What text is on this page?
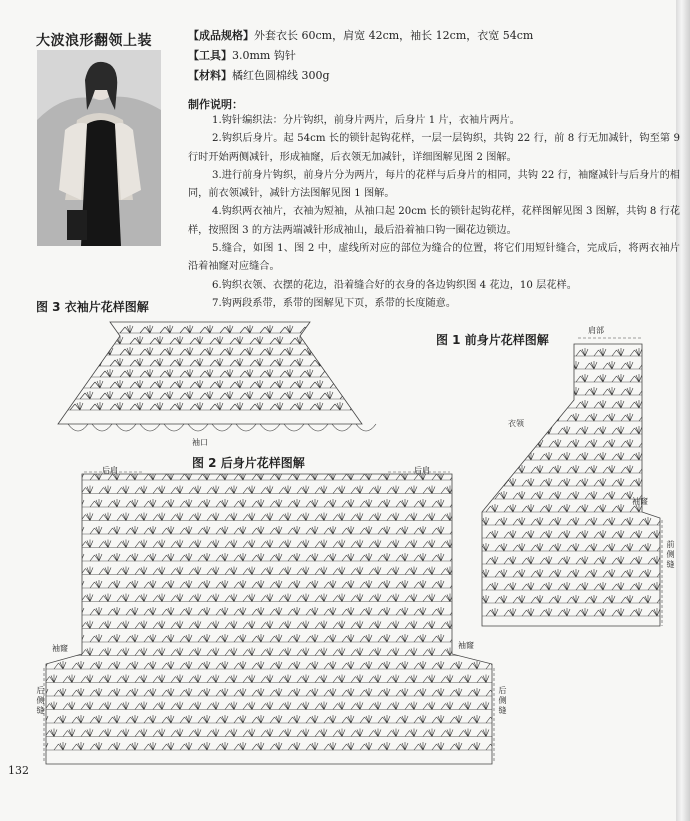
大波浪形翻领上装	【成品规格】外套衣长 60cm，肩宽 42cm，袖长 12cm，衣宽 54cm
【工具】3.0mm 钩针
【材料】橘红色圆棉线 300g
制作说明：
1.钩针编织法：分片钩织，前身片两片，后身片 1 片，衣袖片两片。
2.钩织后身片。起 54cm 长的锁针起钩花样，一层一层钩织，共钩 22 行，前 8 行无加减针，钩至第 9 行时开始两侧减针，形成袖窿，后衣领无加减针，详细图解见图 2 图解。
3.进行前身片钩织，前身片分为两片，每片的花样与后身片的相同，共钩 22 行，袖窿减针与后身片的相同，前衣领减针，减针方法图解见图 1 图解。
4.钩织两衣袖片，衣袖为短袖，从袖口起 20cm 长的锁针起钩花样，花样图解见图 3 图解，共钩 8 行花样，按照图 3 的方法两端减针形成袖山，最后沿着袖口钩一圈花边锁边。
5.缝合，如图 1、图 2 中，虚线所对应的部位为缝合的位置，将它们用短针缝合，完成后，将两衣袖片沿着袖窿对应缝合。
6.钩织衣领、衣摆的花边，沿着缝合好的衣身的各边钩织图 4 花边，10 层花样。
7.钩两段系带，系带的图解见下页，系带的长度随意。
图 3 衣袖片花样图解
袖口
图 1 前身片花样图解
肩部
衣领
袖窿
前侧缝
图 2 后身片花样图解
后肩	后肩
袖窿	袖窿
后侧缝
后侧缝
132
